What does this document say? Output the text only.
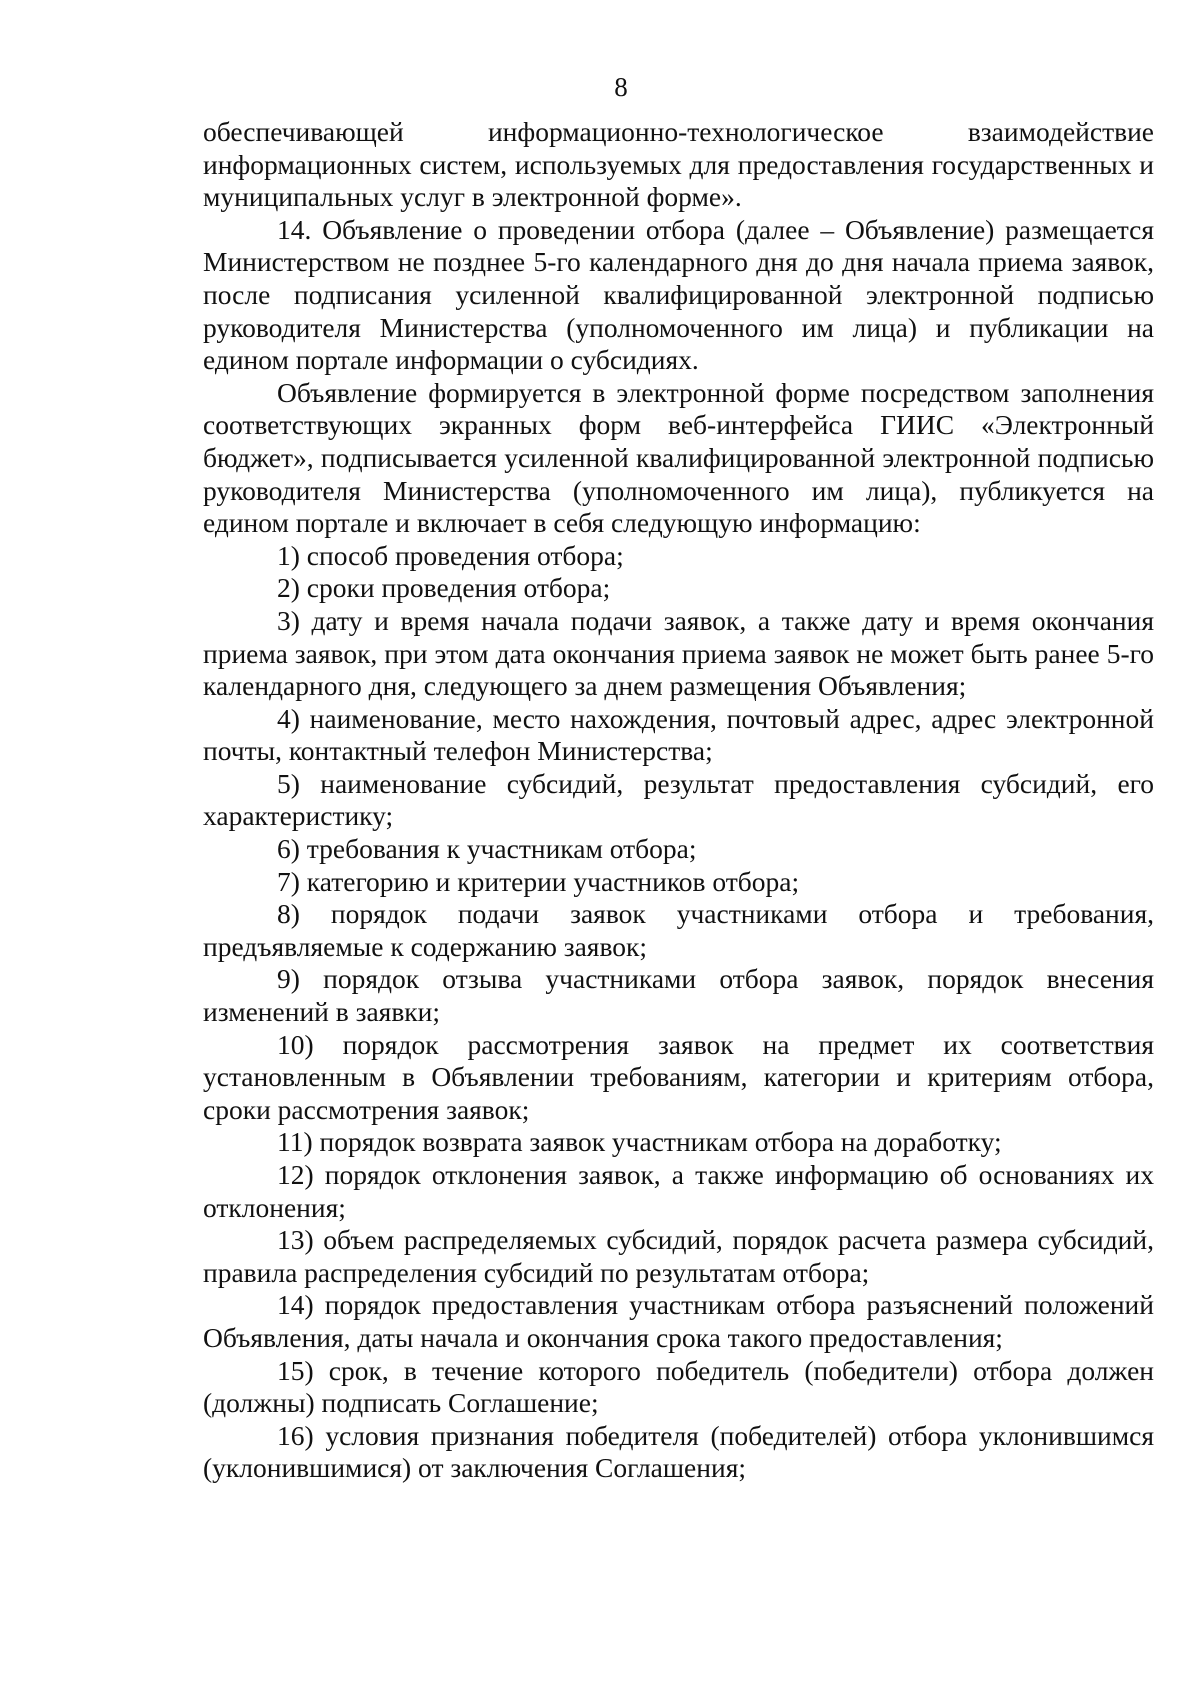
8

обеспечивающей информационно-технологическое взаимодействие информационных систем, используемых для предоставления государственных и муниципальных услуг в электронной форме».

14. Объявление о проведении отбора (далее – Объявление) размещается Министерством не позднее 5-го календарного дня до дня начала приема заявок, после подписания усиленной квалифицированной электронной подписью руководителя Министерства (уполномоченного им лица) и публикации на едином портале информации о субсидиях.

Объявление формируется в электронной форме посредством заполнения соответствующих экранных форм веб-интерфейса ГИИС «Электронный бюджет», подписывается усиленной квалифицированной электронной подписью руководителя Министерства (уполномоченного им лица), публикуется на едином портале и включает в себя следующую информацию:

1) способ проведения отбора;

2) сроки проведения отбора;

3) дату и время начала подачи заявок, а также дату и время окончания приема заявок, при этом дата окончания приема заявок не может быть ранее 5-го календарного дня, следующего за днем размещения Объявления;

4) наименование, место нахождения, почтовый адрес, адрес электронной почты, контактный телефон Министерства;

5) наименование субсидий, результат предоставления субсидий, его характеристику;

6) требования к участникам отбора;

7) категорию и критерии участников отбора;

8) порядок подачи заявок участниками отбора и требования, предъявляемые к содержанию заявок;

9) порядок отзыва участниками отбора заявок, порядок внесения изменений в заявки;

10) порядок рассмотрения заявок на предмет их соответствия установленным в Объявлении требованиям, категории и критериям отбора, сроки рассмотрения заявок;

11) порядок возврата заявок участникам отбора на доработку;

12) порядок отклонения заявок, а также информацию об основаниях их отклонения;

13) объем распределяемых субсидий, порядок расчета размера субсидий, правила распределения субсидий по результатам отбора;

14) порядок предоставления участникам отбора разъяснений положений Объявления, даты начала и окончания срока такого предоставления;

15) срок, в течение которого победитель (победители) отбора должен (должны) подписать Соглашение;

16) условия признания победителя (победителей) отбора уклонившимся (уклонившимися) от заключения Соглашения;
